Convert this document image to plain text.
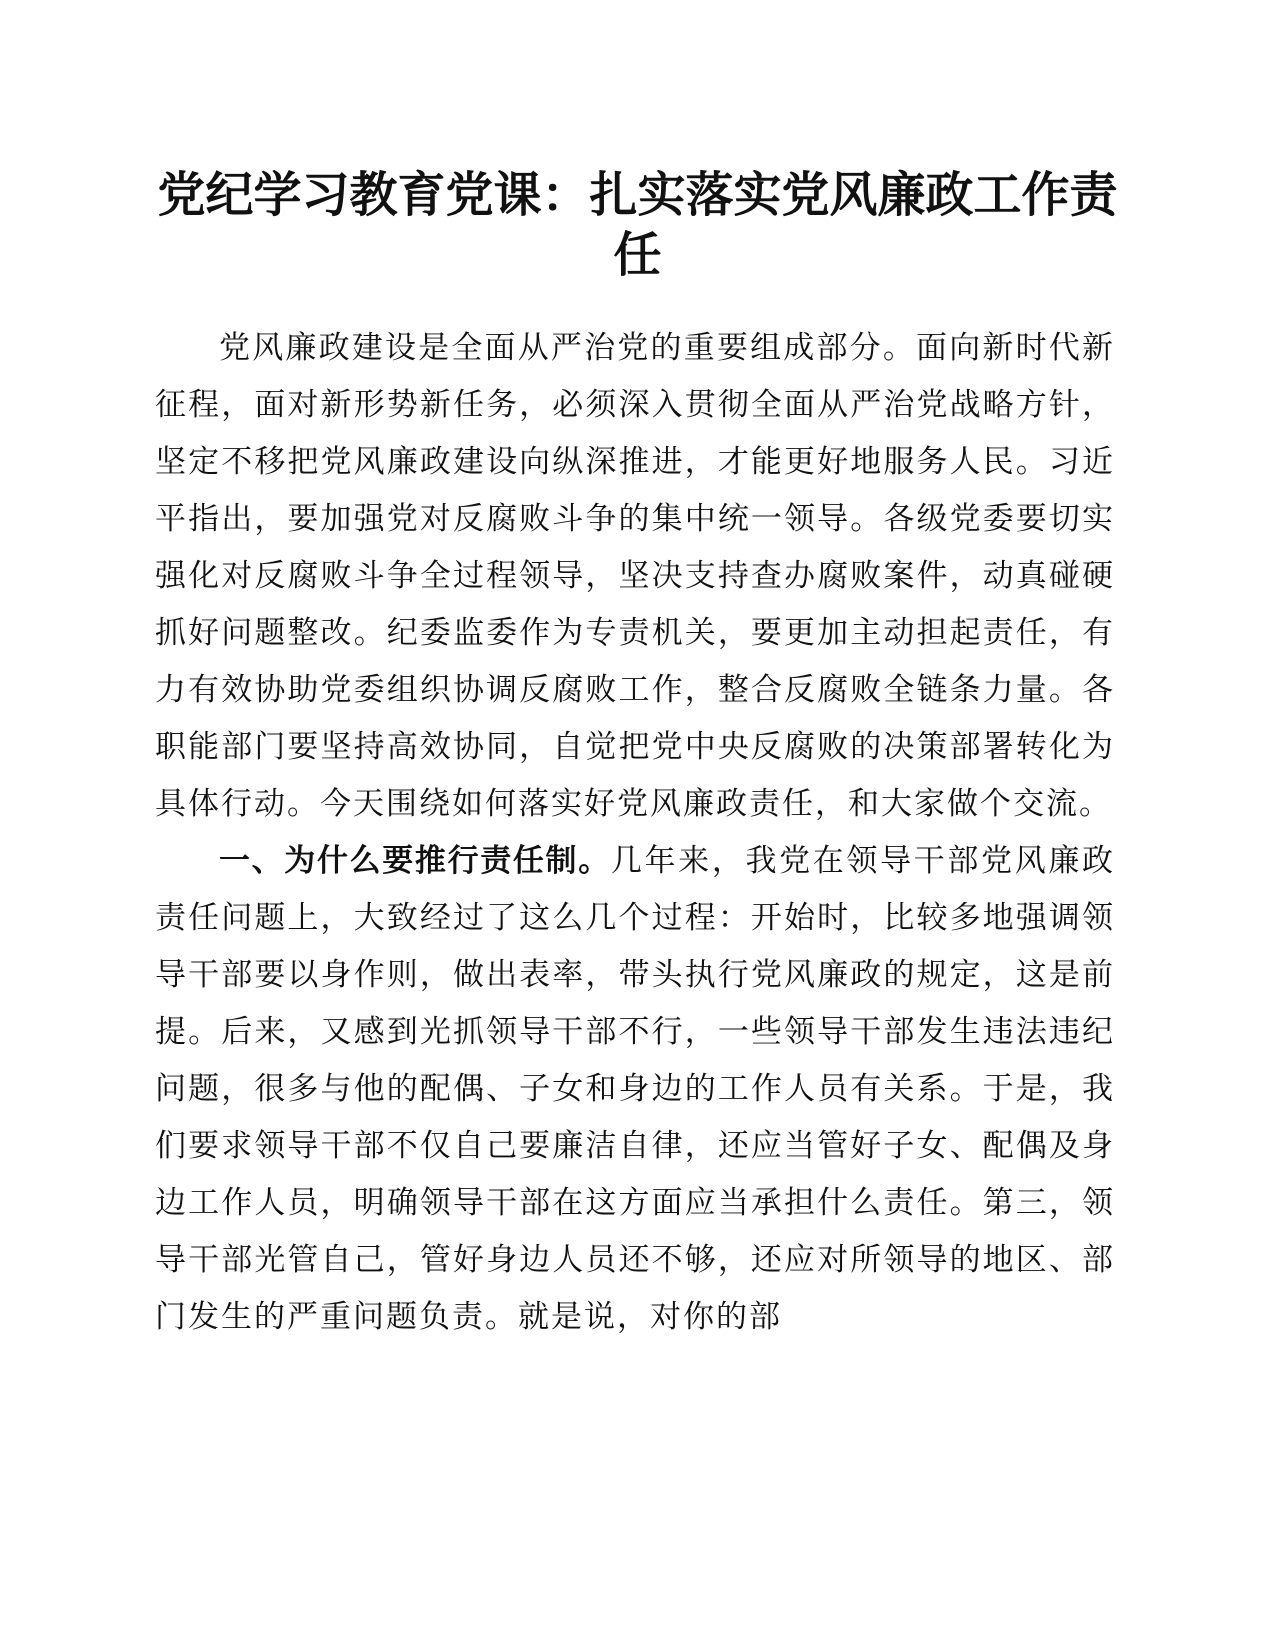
党纪学习教育党课：扎实落实党风廉政工作责任

党风廉政建设是全面从严治党的重要组成部分。面向新时代新征程，面对新形势新任务，必须深入贯彻全面从严治党战略方针，坚定不移把党风廉政建设向纵深推进，才能更好地服务人民。习近平指出，要加强党对反腐败斗争的集中统一领导。各级党委要切实强化对反腐败斗争全过程领导，坚决支持查办腐败案件，动真碰硬抓好问题整改。纪委监委作为专责机关，要更加主动担起责任，有力有效协助党委组织协调反腐败工作，整合反腐败全链条力量。各职能部门要坚持高效协同，自觉把党中央反腐败的决策部署转化为具体行动。今天围绕如何落实好党风廉政责任，和大家做个交流。

一、为什么要推行责任制。几年来，我党在领导干部党风廉政责任问题上，大致经过了这么几个过程：开始时，比较多地强调领导干部要以身作则，做出表率，带头执行党风廉政的规定，这是前提。后来，又感到光抓领导干部不行，一些领导干部发生违法违纪问题，很多与他的配偶、子女和身边的工作人员有关系。于是，我们要求领导干部不仅自己要廉洁自律，还应当管好子女、配偶及身边工作人员，明确领导干部在这方面应当承担什么责任。第三，领导干部光管自己，管好身边人员还不够，还应对所领导的地区、部门发生的严重问题负责。就是说，对你的部
